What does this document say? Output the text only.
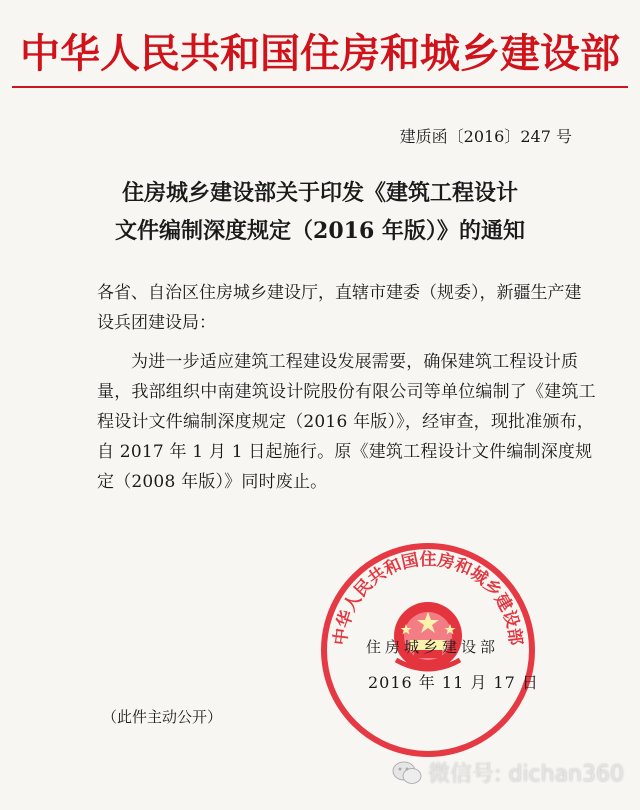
中华人民共和国住房和城乡建设部
建质函〔2016〕247 号
住房城乡建设部关于印发《建筑工程设计
文件编制深度规定（2016 年版）》的通知
各省、自治区住房城乡建设厅，直辖市建委（规委），新疆生产建设兵团建设局：
为进一步适应建筑工程建设发展需要，确保建筑工程设计质量，我部组织中南建筑设计院股份有限公司等单位编制了《建筑工程设计文件编制深度规定（2016 年版）》，经审查，现批准颁布，自 2017 年 1 月 1 日起施行。原《建筑工程设计文件编制深度规定（2008 年版）》同时废止。
中华人民共和国住房和城乡建设部
住房城乡建设部
2016 年 11 月 17 日
（此件主动公开）
微信号: dichan360
